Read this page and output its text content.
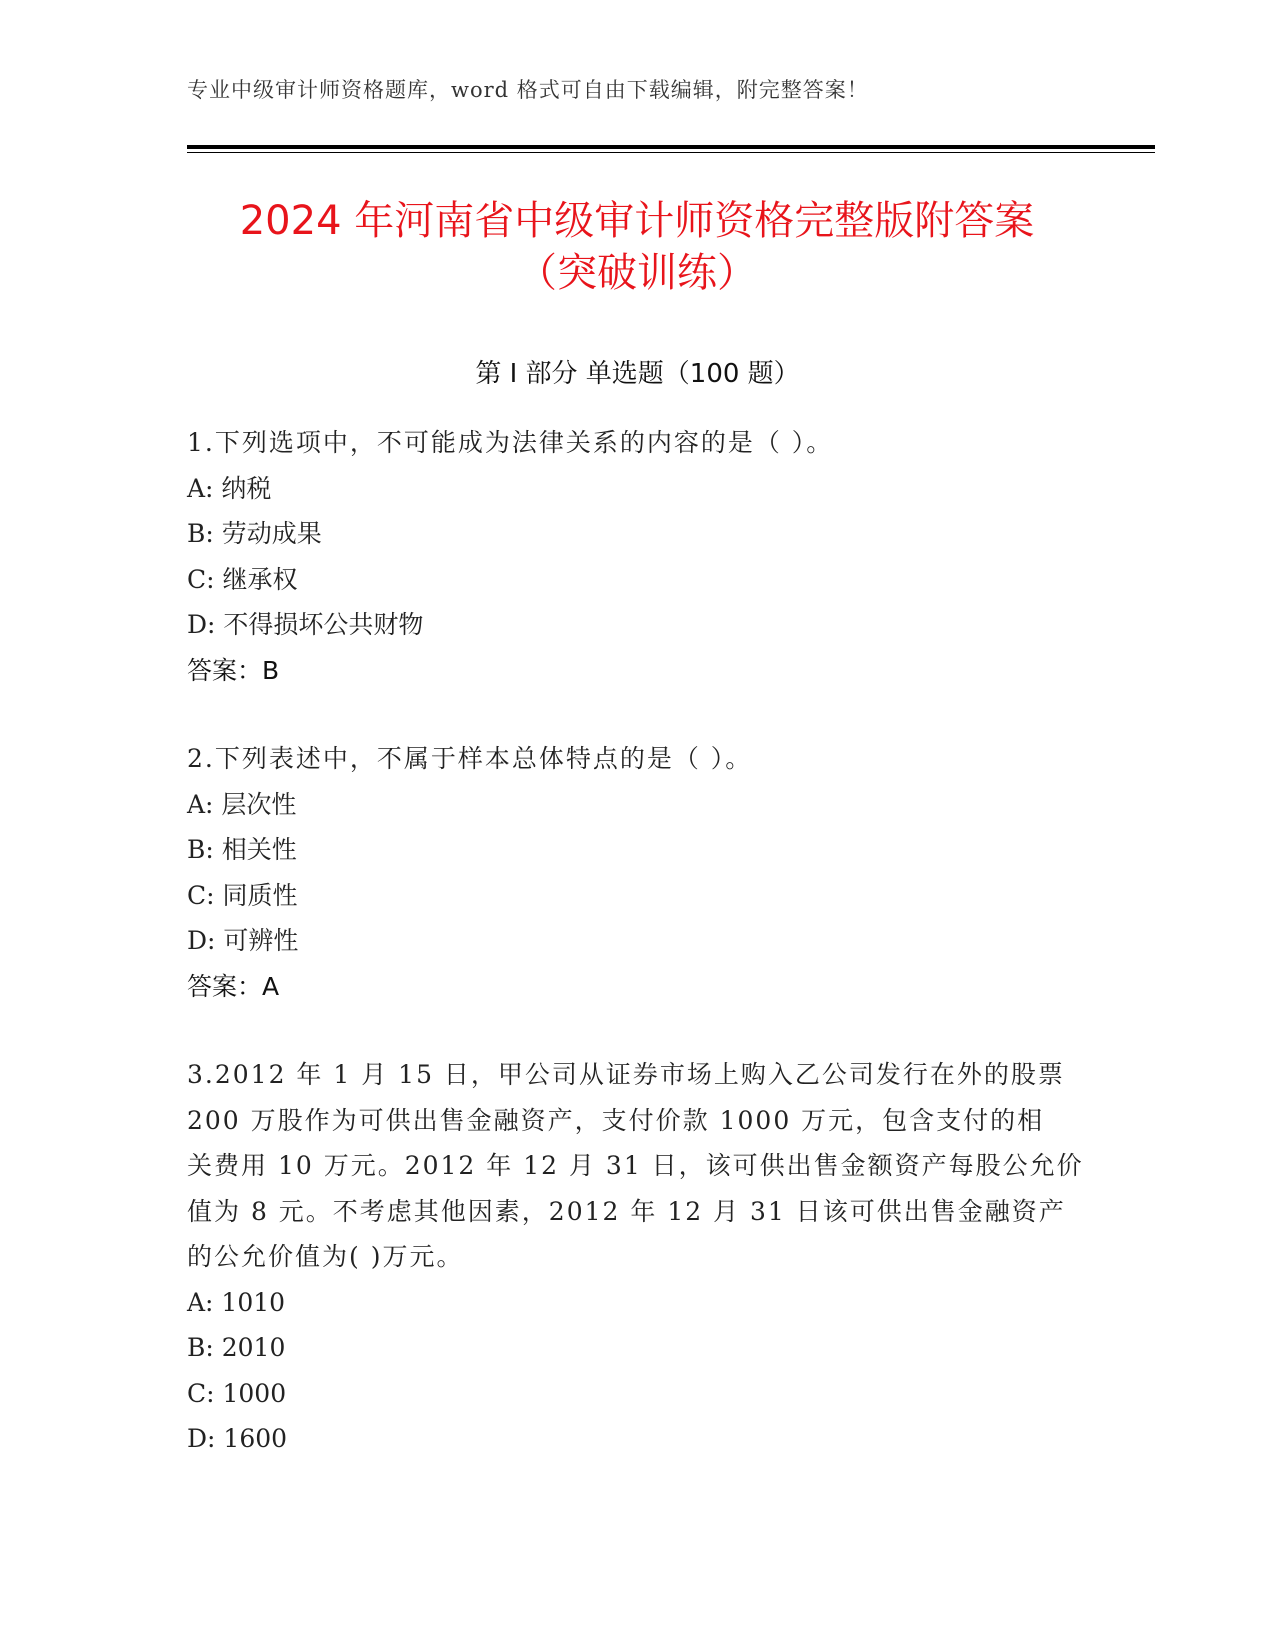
专业中级审计师资格题库，word 格式可自由下载编辑，附完整答案！
2024 年河南省中级审计师资格完整版附答案
（突破训练）
第 I 部分 单选题（100 题）
1.下列选项中，不可能成为法律关系的内容的是（ ）。
A: 纳税
B: 劳动成果
C: 继承权
D: 不得损坏公共财物
答案：B
2.下列表述中，不属于样本总体特点的是（ ）。
A: 层次性
B: 相关性
C: 同质性
D: 可辨性
答案：A
3.2012 年 1 月 15 日，甲公司从证券市场上购入乙公司发行在外的股票
200 万股作为可供出售金融资产，支付价款 1000 万元，包含支付的相
关费用 10 万元。2012 年 12 月 31 日，该可供出售金额资产每股公允价
值为 8 元。不考虑其他因素，2012 年 12 月 31 日该可供出售金融资产
的公允价值为( )万元。
A: 1010
B: 2010
C: 1000
D: 1600
